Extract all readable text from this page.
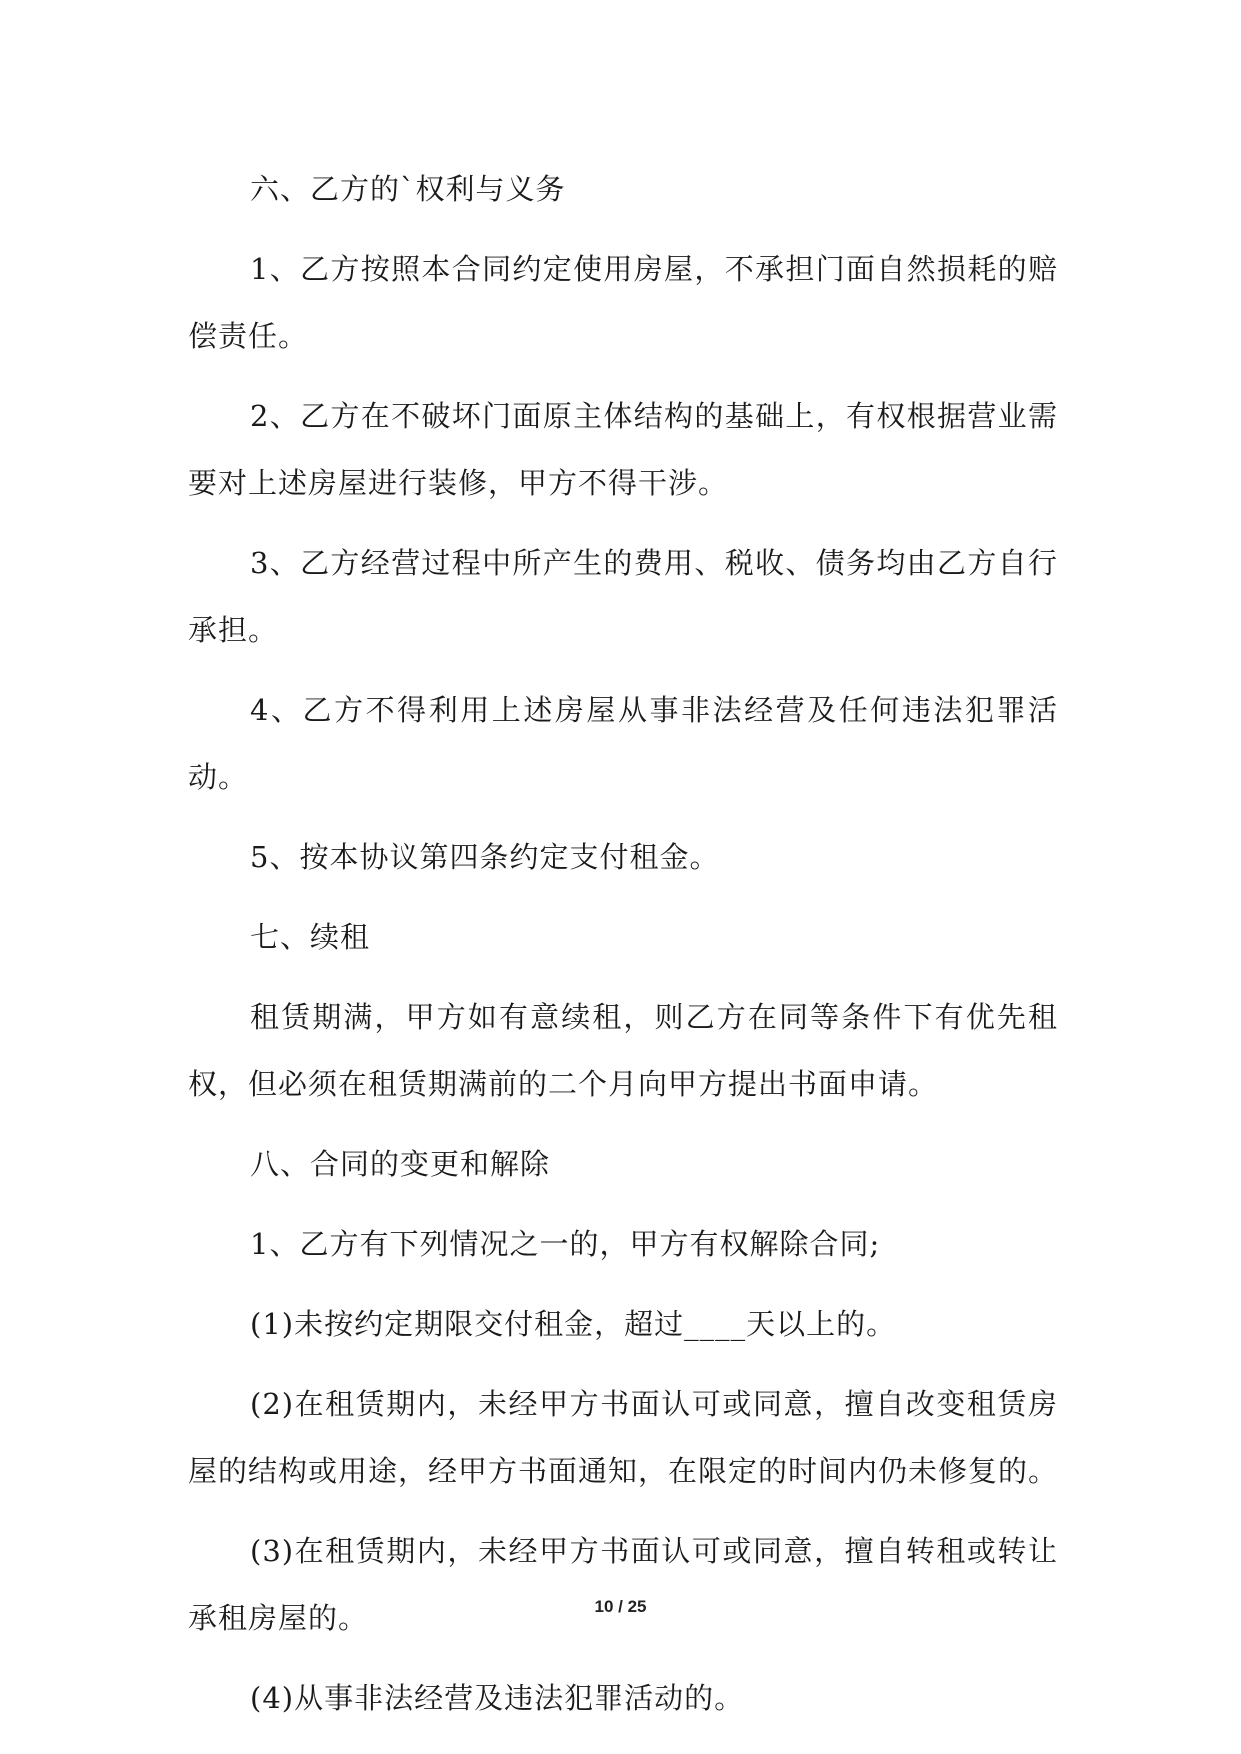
六、乙方的`权利与义务

1、乙方按照本合同约定使用房屋，不承担门面自然损耗的赔偿责任。

2、乙方在不破坏门面原主体结构的基础上，有权根据营业需要对上述房屋进行装修，甲方不得干涉。

3、乙方经营过程中所产生的费用、税收、债务均由乙方自行承担。

4、乙方不得利用上述房屋从事非法经营及任何违法犯罪活动。

5、按本协议第四条约定支付租金。

七、续租

租赁期满，甲方如有意续租，则乙方在同等条件下有优先租权，但必须在租赁期满前的二个月向甲方提出书面申请。

八、合同的变更和解除

1、乙方有下列情况之一的，甲方有权解除合同;

(1)未按约定期限交付租金，超过____天以上的。

(2)在租赁期内，未经甲方书面认可或同意，擅自改变租赁房屋的结构或用途，经甲方书面通知，在限定的时间内仍未修复的。

(3)在租赁期内，未经甲方书面认可或同意，擅自转租或转让承租房屋的。

(4)从事非法经营及违法犯罪活动的。

10 / 25
